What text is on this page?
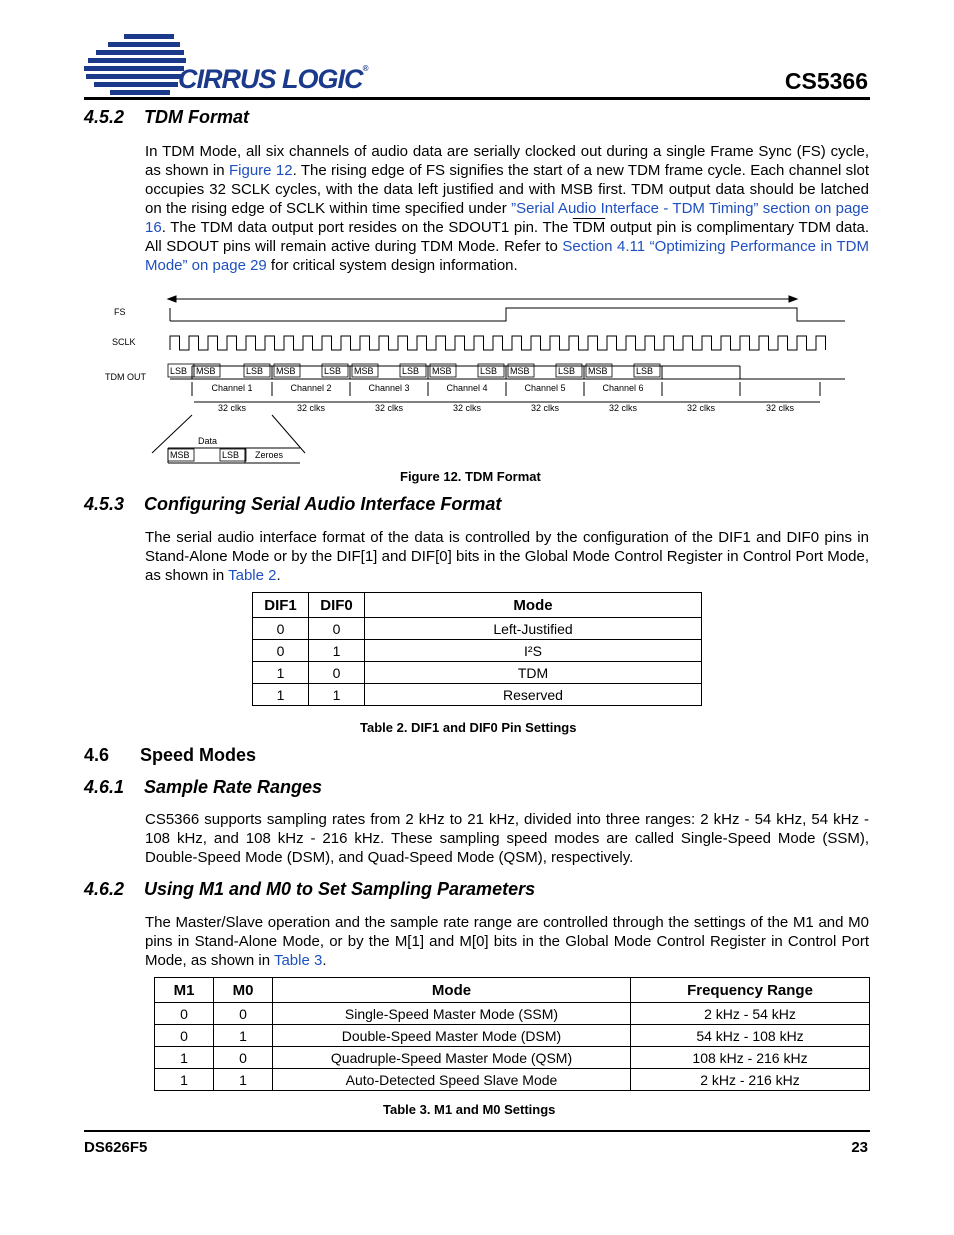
CIRRUS LOGIC®	CS5366
4.5.2 TDM Format
In TDM Mode, all six channels of audio data are serially clocked out during a single Frame Sync (FS) cycle, as shown in Figure 12. The rising edge of FS signifies the start of a new TDM frame cycle. Each channel slot occupies 32 SCLK cycles, with the data left justified and with MSB first. TDM output data should be latched on the rising edge of SCLK within time specified under ”Serial Audio Interface - TDM Timing” section on page 16. The TDM data output port resides on the SDOUT1 pin. The $\overline{TDM}$ output pin is complimentary TDM data. All SDOUT pins will remain active during TDM Mode. Refer to Section 4.11 “Optimizing Performance in TDM Mode” on page 29 for critical system design information.
FS
SCLK
TDM OUT
LSB MSB	LSB MSB	LSB MSB	LSB MSB	LSB MSB	LSB MSB	LSB
Channel 1	Channel 2	Channel 3	Channel 4	Channel 5	Channel 6
32 clks	32 clks	32 clks	32 clks	32 clks	32 clks	32 clks	32 clks
Data
MSB	LSB Zeroes
Figure 12. TDM Format
4.5.3 Configuring Serial Audio Interface Format
The serial audio interface format of the data is controlled by the configuration of the DIF1 and DIF0 pins in Stand-Alone Mode or by the DIF[1] and DIF[0] bits in the Global Mode Control Register in Control Port Mode, as shown in Table 2.
DIF1	DIF0	Mode
0	0	Left-Justified
0	1	I²S
1	0	TDM
1	1	Reserved
Table 2. DIF1 and DIF0 Pin Settings
4.6 Speed Modes
4.6.1 Sample Rate Ranges
CS5366 supports sampling rates from 2 kHz to 21 kHz, divided into three ranges: 2 kHz - 54 kHz, 54 kHz - 108 kHz, and 108 kHz - 216 kHz. These sampling speed modes are called Single-Speed Mode (SSM), Double-Speed Mode (DSM), and Quad-Speed Mode (QSM), respectively.
4.6.2 Using M1 and M0 to Set Sampling Parameters
The Master/Slave operation and the sample rate range are controlled through the settings of the M1 and M0 pins in Stand-Alone Mode, or by the M[1] and M[0] bits in the Global Mode Control Register in Control Port Mode, as shown in Table 3.
M1	M0	Mode	Frequency Range
0	0	Single-Speed Master Mode (SSM)	2 kHz - 54 kHz
0	1	Double-Speed Master Mode (DSM)	54 kHz - 108 kHz
1	0	Quadruple-Speed Master Mode (QSM)	108 kHz - 216 kHz
1	1	Auto-Detected Speed Slave Mode	2 kHz - 216 kHz
Table 3. M1 and M0 Settings
DS626F5	23
